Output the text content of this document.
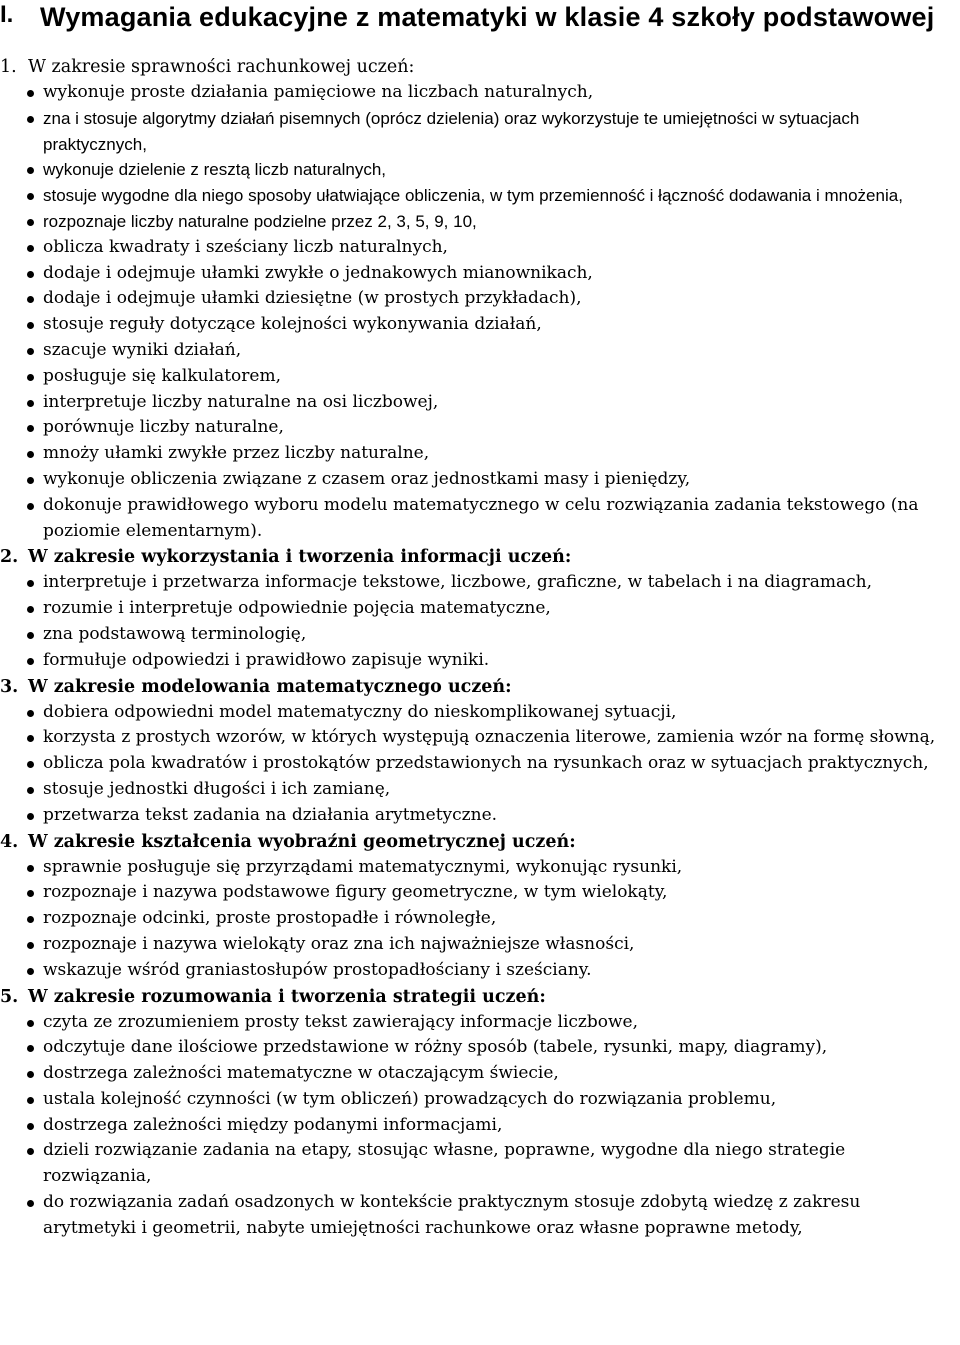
I. Wymagania edukacyjne z matematyki w klasie 4 szkoły podstawowej
1. W zakresie sprawności rachunkowej uczeń:
wykonuje proste działania pamięciowe na liczbach naturalnych,
zna i stosuje algorytmy działań pisemnych (oprócz dzielenia) oraz wykorzystuje te umiejętności w sytuacjach praktycznych,
wykonuje dzielenie z resztą liczb naturalnych,
stosuje wygodne dla niego sposoby ułatwiające obliczenia, w tym przemienność i łączność dodawania i mnożenia,
rozpoznaje liczby naturalne podzielne przez 2, 3, 5, 9, 10,
oblicza kwadraty i sześciany liczb naturalnych,
dodaje i odejmuje ułamki zwykłe o jednakowych mianownikach,
dodaje i odejmuje ułamki dziesiętne (w prostych przykładach),
stosuje reguły dotyczące kolejności wykonywania działań,
szacuje wyniki działań,
posługuje się kalkulatorem,
interpretuje liczby naturalne na osi liczbowej,
porównuje liczby naturalne,
mnoży ułamki zwykłe przez liczby naturalne,
wykonuje obliczenia związane z czasem oraz jednostkami masy i pieniędzy,
dokonuje prawidłowego wyboru modelu matematycznego w celu rozwiązania zadania tekstowego (na poziomie elementarnym).
2. W zakresie wykorzystania i tworzenia informacji uczeń:
interpretuje i przetwarza informacje tekstowe, liczbowe, graficzne, w tabelach i na diagramach,
rozumie i interpretuje odpowiednie pojęcia matematyczne,
zna podstawową terminologię,
formułuje odpowiedzi i prawidłowo zapisuje wyniki.
3. W zakresie modelowania matematycznego uczeń:
dobiera odpowiedni model matematyczny do nieskomplikowanej sytuacji,
korzysta z prostych wzorów, w których występują oznaczenia literowe, zamienia wzór na formę słowną,
oblicza pola kwadratów i prostokątów przedstawionych na rysunkach oraz w sytuacjach praktycznych,
stosuje jednostki długości i ich zamianę,
przetwarza tekst zadania na działania arytmetyczne.
4. W zakresie kształcenia wyobraźni geometrycznej uczeń:
sprawnie posługuje się przyrządami matematycznymi, wykonując rysunki,
rozpoznaje i nazywa podstawowe figury geometryczne, w tym wielokąty,
rozpoznaje odcinki, proste prostopadłe i równoległe,
rozpoznaje i nazywa wielokąty oraz zna ich najważniejsze własności,
wskazuje wśród graniastosłupów prostopadłościany i sześciany.
5. W zakresie rozumowania i tworzenia strategii uczeń:
czyta ze zrozumieniem prosty tekst zawierający informacje liczbowe,
odczytuje dane ilościowe przedstawione w różny sposób (tabele, rysunki, mapy, diagramy),
dostrzega zależności matematyczne w otaczającym świecie,
ustala kolejność czynności (w tym obliczeń) prowadzących do rozwiązania problemu,
dostrzega zależności między podanymi informacjami,
dzieli rozwiązanie zadania na etapy, stosując własne, poprawne, wygodne dla niego strategie rozwiązania,
do rozwiązania zadań osadzonych w kontekście praktycznym stosuje zdobytą wiedzę z zakresu arytmetyki i geometrii, nabyte umiejętności rachunkowe oraz własne poprawne metody,
